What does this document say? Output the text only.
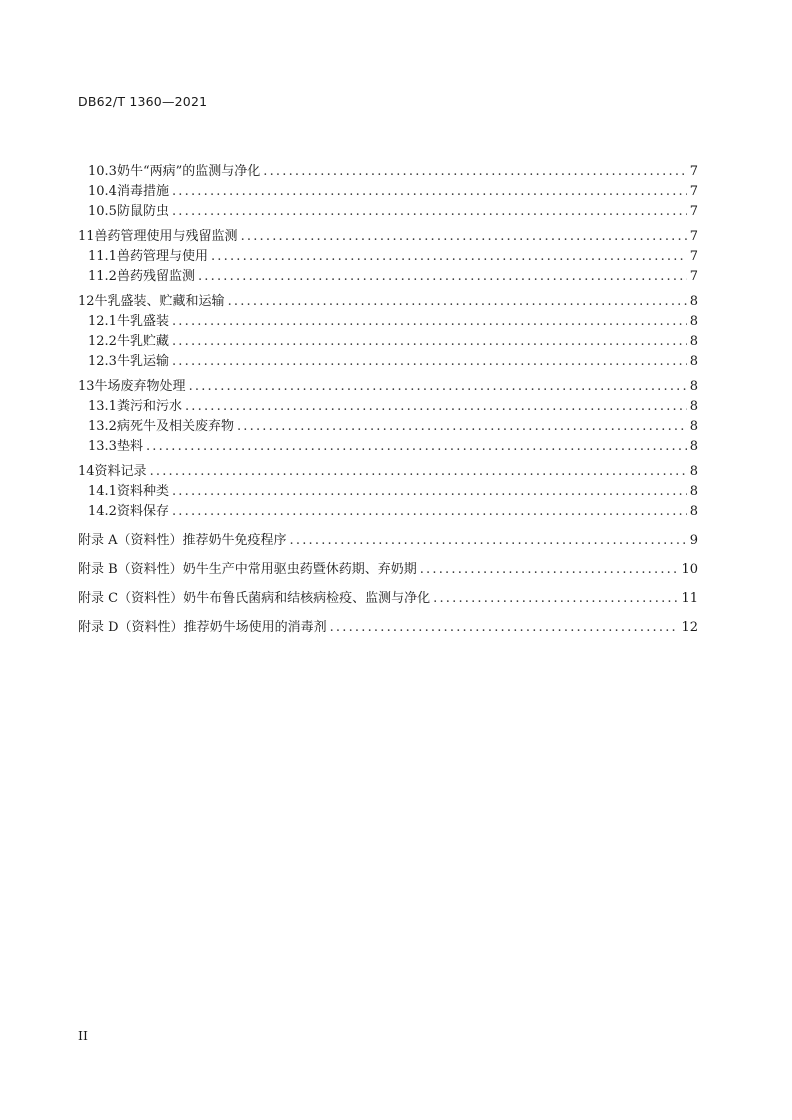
DB62/T 1360—2021
10.3 奶牛“两病”的监测与净化 .....	7
10.4 消毒措施 .....	7
10.5 防鼠防虫 .....	7
11 兽药管理使用与残留监测 .....	7
11.1 兽药管理与使用 .....	7
11.2 兽药残留监测 .....	7
12 牛乳盛装、贮藏和运输 .....	8
12.1 牛乳盛装 .....	8
12.2 牛乳贮藏 .....	8
12.3 牛乳运输 .....	8
13 牛场废弃物处理 .....	8
13.1 粪污和污水 .....	8
13.2 病死牛及相关废弃物 .....	8
13.3 垫料 .....	8
14 资料记录 .....	8
14.1 资料种类 .....	8
14.2 资料保存 .....	8
附录 A（资料性） 推荐奶牛免疫程序 .....	9
附录 B（资料性） 奶牛生产中常用驱虫药暨休药期、弃奶期 .....	10
附录 C（资料性） 奶牛布鲁氏菌病和结核病检疫、监测与净化 .....	11
附录 D（资料性） 推荐奶牛场使用的消毒剂 .....	12
II
